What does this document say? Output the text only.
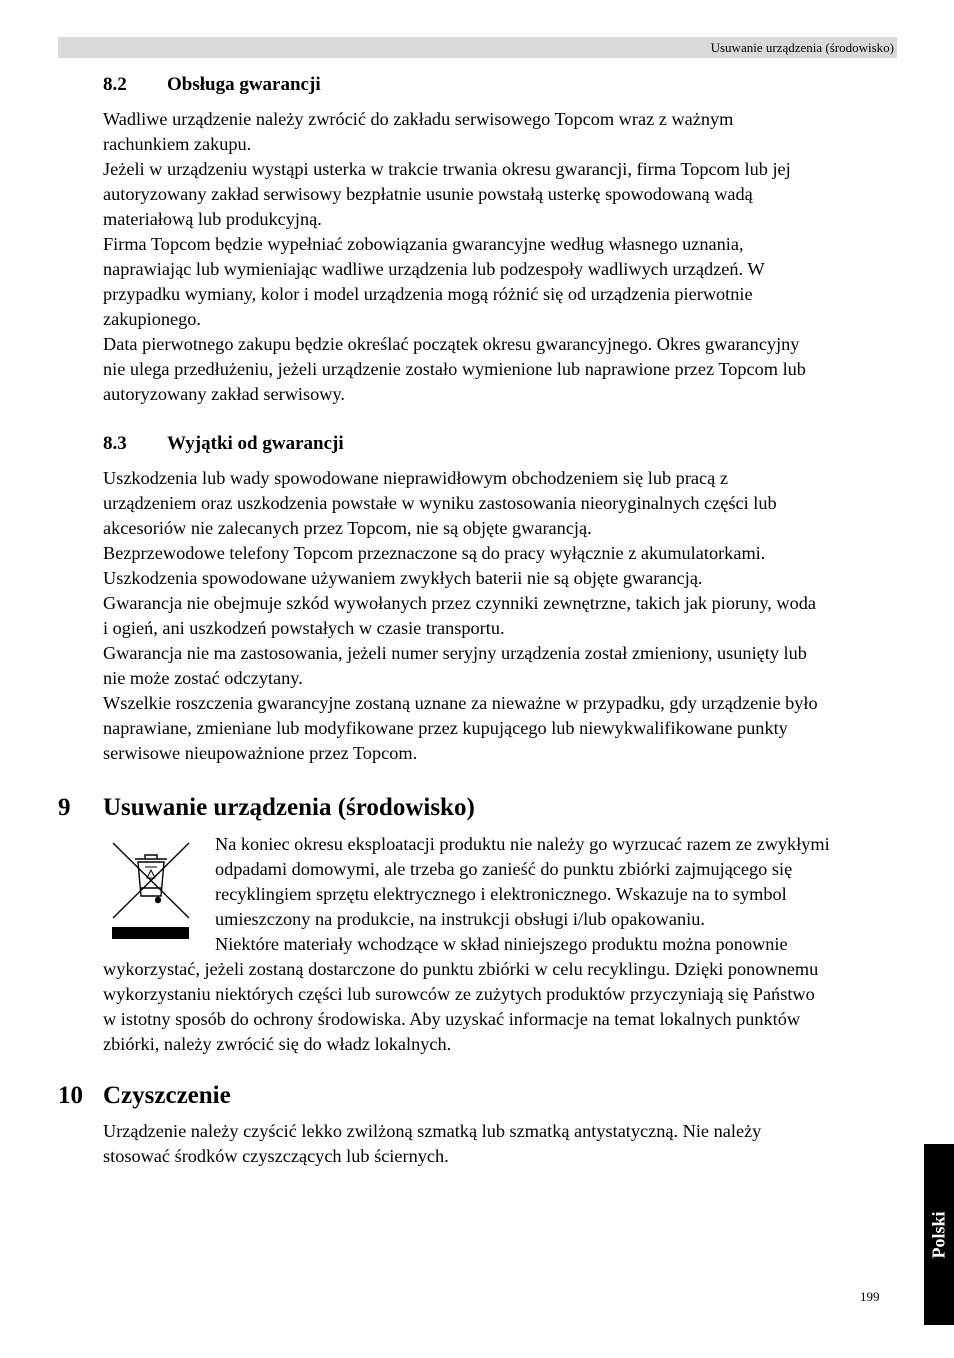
Usuwanie urządzenia (środowisko)
8.2 Obsługa gwarancji

Wadliwe urządzenie należy zwrócić do zakładu serwisowego Topcom wraz z ważnym

rachunkiem zakupu.

Jeżeli w urządzeniu wystąpi usterka w trakcie trwania okresu gwarancji, firma Topcom lub jej

autoryzowany zakład serwisowy bezpłatnie usunie powstałą usterkę spowodowaną wadą

materiałową lub produkcyjną.

Firma Topcom będzie wypełniać zobowiązania gwarancyjne według własnego uznania,

naprawiając lub wymieniając wadliwe urządzenia lub podzespoły wadliwych urządzeń. W

przypadku wymiany, kolor i model urządzenia mogą różnić się od urządzenia pierwotnie

zakupionego.

Data pierwotnego zakupu będzie określać początek okresu gwarancyjnego. Okres gwarancyjny

nie ulega przedłużeniu, jeżeli urządzenie zostało wymienione lub naprawione przez Topcom lub

autoryzowany zakład serwisowy.

8.3 Wyjątki od gwarancji

Uszkodzenia lub wady spowodowane nieprawidłowym obchodzeniem się lub pracą z

urządzeniem oraz uszkodzenia powstałe w wyniku zastosowania nieoryginalnych części lub

akcesoriów nie zalecanych przez Topcom, nie są objęte gwarancją.

Bezprzewodowe telefony Topcom przeznaczone są do pracy wyłącznie z akumulatorkami.

Uszkodzenia spowodowane używaniem zwykłych baterii nie są objęte gwarancją.

Gwarancja nie obejmuje szkód wywołanych przez czynniki zewnętrzne, takich jak pioruny, woda

i ogień, ani uszkodzeń powstałych w czasie transportu.

Gwarancja nie ma zastosowania, jeżeli numer seryjny urządzenia został zmieniony, usunięty lub

nie może zostać odczytany.

Wszelkie roszczenia gwarancyjne zostaną uznane za nieważne w przypadku, gdy urządzenie było

naprawiane, zmieniane lub modyfikowane przez kupującego lub niewykwalifikowane punkty

serwisowe nieupoważnione przez Topcom.

9 Usuwanie urządzenia (środowisko)

Na koniec okresu eksploatacji produktu nie należy go wyrzucać razem ze zwykłymi

odpadami domowymi, ale trzeba go zanieść do punktu zbiórki zajmującego się

recyklingiem sprzętu elektrycznego i elektronicznego. Wskazuje na to symbol

umieszczony na produkcie, na instrukcji obsługi i/lub opakowaniu.

Niektóre materiały wchodzące w skład niniejszego produktu można ponownie

wykorzystać, jeżeli zostaną dostarczone do punktu zbiórki w celu recyklingu. Dzięki ponownemu

wykorzystaniu niektórych części lub surowców ze zużytych produktów przyczyniają się Państwo

w istotny sposób do ochrony środowiska. Aby uzyskać informacje na temat lokalnych punktów

zbiórki, należy zwrócić się do władz lokalnych.

10 Czyszczenie

Urządzenie należy czyścić lekko zwilżoną szmatką lub szmatką antystatyczną. Nie należy

stosować środków czyszczących lub ściernych.

Polski
199
